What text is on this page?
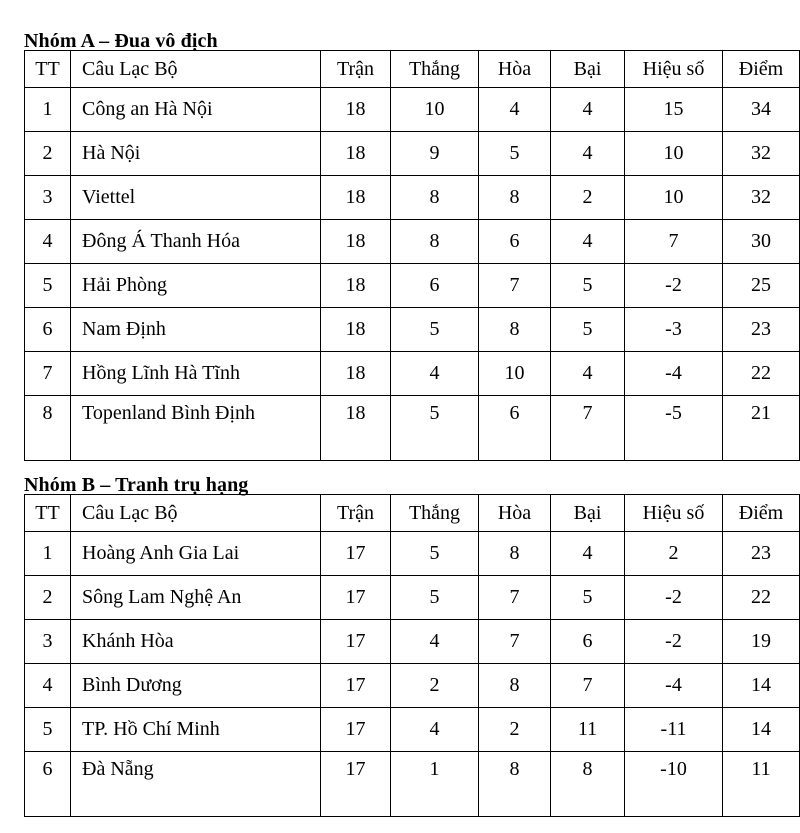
Nhóm A – Đua vô địch
TT	Câu Lạc Bộ	Trận	Thắng	Hòa	Bại	Hiệu số	Điểm
1	Công an Hà Nội	18	10	4	4	15	34
2	Hà Nội	18	9	5	4	10	32
3	Viettel	18	8	8	2	10	32
4	Đông Á Thanh Hóa	18	8	6	4	7	30
5	Hải Phòng	18	6	7	5	-2	25
6	Nam Định	18	5	8	5	-3	23
7	Hồng Lĩnh Hà Tĩnh	18	4	10	4	-4	22
8	Topenland Bình Định	18	5	6	7	-5	21
Nhóm B – Tranh trụ hạng
TT	Câu Lạc Bộ	Trận	Thắng	Hòa	Bại	Hiệu số	Điểm
1	Hoàng Anh Gia Lai	17	5	8	4	2	23
2	Sông Lam Nghệ An	17	5	7	5	-2	22
3	Khánh Hòa	17	4	7	6	-2	19
4	Bình Dương	17	2	8	7	-4	14
5	TP. Hồ Chí Minh	17	4	2	11	-11	14
6	Đà Nẵng	17	1	8	8	-10	11
